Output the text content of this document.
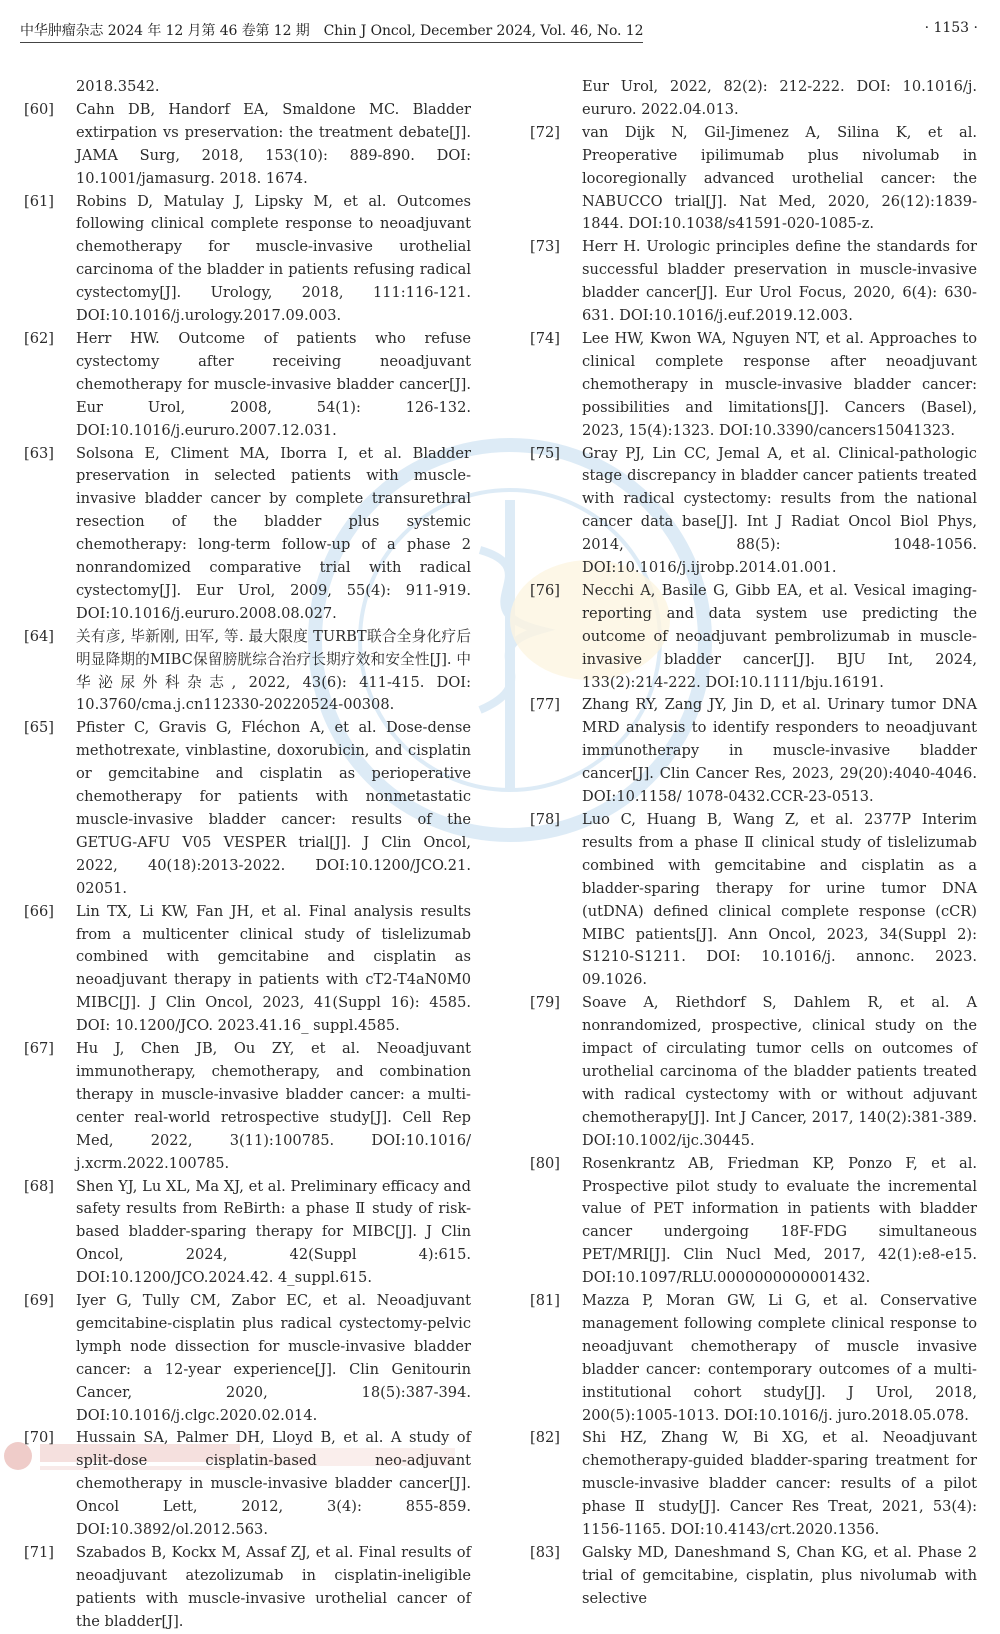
中华肿瘤杂志 2024 年 12 月第 46 卷第 12 期　Chin J Oncol, December 2024, Vol. 46, No. 12	· 1153 ·
2018.3542.
[60]	Cahn DB, Handorf EA, Smaldone MC. Bladder extirpation vs preservation: the treatment debate[J]. JAMA Surg, 2018, 153(10): 889-890. DOI: 10.1001/jamasurg. 2018. 1674.
[61]	Robins D, Matulay J, Lipsky M, et al. Outcomes following clinical complete response to neoadjuvant chemotherapy for muscle-invasive urothelial carcinoma of the bladder in patients refusing radical cystectomy[J]. Urology, 2018, 111:116-121. DOI:10.1016/j.urology.2017.09.003.
[62]	Herr HW. Outcome of patients who refuse cystectomy after receiving neoadjuvant chemotherapy for muscle-invasive bladder cancer[J]. Eur Urol, 2008, 54(1): 126-132. DOI:10.1016/j.eururo.2007.12.031.
[63]	Solsona E, Climent MA, Iborra I, et al. Bladder preservation in selected patients with muscle-invasive bladder cancer by complete transurethral resection of the bladder plus systemic chemotherapy: long-term follow-up of a phase 2 nonrandomized comparative trial with radical cystectomy[J]. Eur Urol, 2009, 55(4): 911-919. DOI:10.1016/j.eururo.2008.08.027.
[64]	关有彦, 毕新刚, 田军, 等. 最大限度 TURBT联合全身化疗后明显降期的MIBC保留膀胱综合治疗长期疗效和安全性[J]. 中华泌尿外科杂志, 2022, 43(6): 411-415. DOI: 10.3760/cma.j.cn112330-20220524-00308.
[65]	Pfister C, Gravis G, Fléchon A, et al. Dose-dense methotrexate, vinblastine, doxorubicin, and cisplatin or gemcitabine and cisplatin as perioperative chemotherapy for patients with nonmetastatic muscle-invasive bladder cancer: results of the GETUG-AFU V05 VESPER trial[J]. J Clin Oncol, 2022, 40(18):2013-2022. DOI:10.1200/JCO.21. 02051.
[66]	Lin TX, Li KW, Fan JH, et al. Final analysis results from a multicenter clinical study of tislelizumab combined with gemcitabine and cisplatin as neoadjuvant therapy in patients with cT2-T4aN0M0 MIBC[J]. J Clin Oncol, 2023, 41(Suppl 16): 4585. DOI: 10.1200/JCO. 2023.41.16_ suppl.4585.
[67]	Hu J, Chen JB, Ou ZY, et al. Neoadjuvant immunotherapy, chemotherapy, and combination therapy in muscle-invasive bladder cancer: a multi-center real-world retrospective study[J]. Cell Rep Med, 2022, 3(11):100785. DOI:10.1016/ j.xcrm.2022.100785.
[68]	Shen YJ, Lu XL, Ma XJ, et al. Preliminary efficacy and safety results from ReBirth: a phase Ⅱ study of risk-based bladder-sparing therapy for MIBC[J]. J Clin Oncol, 2024, 42(Suppl 4):615. DOI:10.1200/JCO.2024.42. 4_suppl.615.
[69]	Iyer G, Tully CM, Zabor EC, et al. Neoadjuvant gemcitabine-cisplatin plus radical cystectomy-pelvic lymph node dissection for muscle-invasive bladder cancer: a 12-year experience[J]. Clin Genitourin Cancer, 2020, 18(5):387-394. DOI:10.1016/j.clgc.2020.02.014.
[70]	Hussain SA, Palmer DH, Lloyd B, et al. A study of split-dose cisplatin-based neo-adjuvant chemotherapy in muscle-invasive bladder cancer[J]. Oncol Lett, 2012, 3(4): 855-859. DOI:10.3892/ol.2012.563.
[71]	Szabados B, Kockx M, Assaf ZJ, et al. Final results of neoadjuvant atezolizumab in cisplatin-ineligible patients with muscle-invasive urothelial cancer of the bladder[J].
Eur Urol, 2022, 82(2): 212-222. DOI: 10.1016/j. eururo. 2022.04.013.
[72]	van Dijk N, Gil-Jimenez A, Silina K, et al. Preoperative ipilimumab plus nivolumab in locoregionally advanced urothelial cancer: the NABUCCO trial[J]. Nat Med, 2020, 26(12):1839-1844. DOI:10.1038/s41591-020-1085-z.
[73]	Herr H. Urologic principles define the standards for successful bladder preservation in muscle-invasive bladder cancer[J]. Eur Urol Focus, 2020, 6(4): 630-631. DOI:10.1016/j.euf.2019.12.003.
[74]	Lee HW, Kwon WA, Nguyen NT, et al. Approaches to clinical complete response after neoadjuvant chemotherapy in muscle-invasive bladder cancer: possibilities and limitations[J]. Cancers (Basel), 2023, 15(4):1323. DOI:10.3390/cancers15041323.
[75]	Gray PJ, Lin CC, Jemal A, et al. Clinical-pathologic stage discrepancy in bladder cancer patients treated with radical cystectomy: results from the national cancer data base[J]. Int J Radiat Oncol Biol Phys, 2014, 88(5): 1048-1056. DOI:10.1016/j.ijrobp.2014.01.001.
[76]	Necchi A, Basile G, Gibb EA, et al. Vesical imaging-reporting and data system use predicting the outcome of neoadjuvant pembrolizumab in muscle-invasive bladder cancer[J]. BJU Int, 2024, 133(2):214-222. DOI:10.1111/bju.16191.
[77]	Zhang RY, Zang JY, Jin D, et al. Urinary tumor DNA MRD analysis to identify responders to neoadjuvant immunotherapy in muscle-invasive bladder cancer[J]. Clin Cancer Res, 2023, 29(20):4040-4046. DOI:10.1158/ 1078-0432.CCR-23-0513.
[78]	Luo C, Huang B, Wang Z, et al. 2377P Interim results from a phase Ⅱ clinical study of tislelizumab combined with gemcitabine and cisplatin as a bladder-sparing therapy for urine tumor DNA (utDNA) defined clinical complete response (cCR) MIBC patients[J]. Ann Oncol, 2023, 34(Suppl 2): S1210-S1211. DOI: 10.1016/j. annonc. 2023. 09.1026.
[79]	Soave A, Riethdorf S, Dahlem R, et al. A nonrandomized, prospective, clinical study on the impact of circulating tumor cells on outcomes of urothelial carcinoma of the bladder patients treated with radical cystectomy with or without adjuvant chemotherapy[J]. Int J Cancer, 2017, 140(2):381-389. DOI:10.1002/ijc.30445.
[80]	Rosenkrantz AB, Friedman KP, Ponzo F, et al. Prospective pilot study to evaluate the incremental value of PET information in patients with bladder cancer undergoing 18F-FDG simultaneous PET/MRI[J]. Clin Nucl Med, 2017, 42(1):e8-e15. DOI:10.1097/RLU.0000000000001432.
[81]	Mazza P, Moran GW, Li G, et al. Conservative management following complete clinical response to neoadjuvant chemotherapy of muscle invasive bladder cancer: contemporary outcomes of a multi-institutional cohort study[J]. J Urol, 2018, 200(5):1005-1013. DOI:10.1016/j. juro.2018.05.078.
[82]	Shi HZ, Zhang W, Bi XG, et al. Neoadjuvant chemotherapy-guided bladder-sparing treatment for muscle-invasive bladder cancer: results of a pilot phase Ⅱ study[J]. Cancer Res Treat, 2021, 53(4): 1156-1165. DOI:10.4143/crt.2020.1356.
[83]	Galsky MD, Daneshmand S, Chan KG, et al. Phase 2 trial of gemcitabine, cisplatin, plus nivolumab with selective
